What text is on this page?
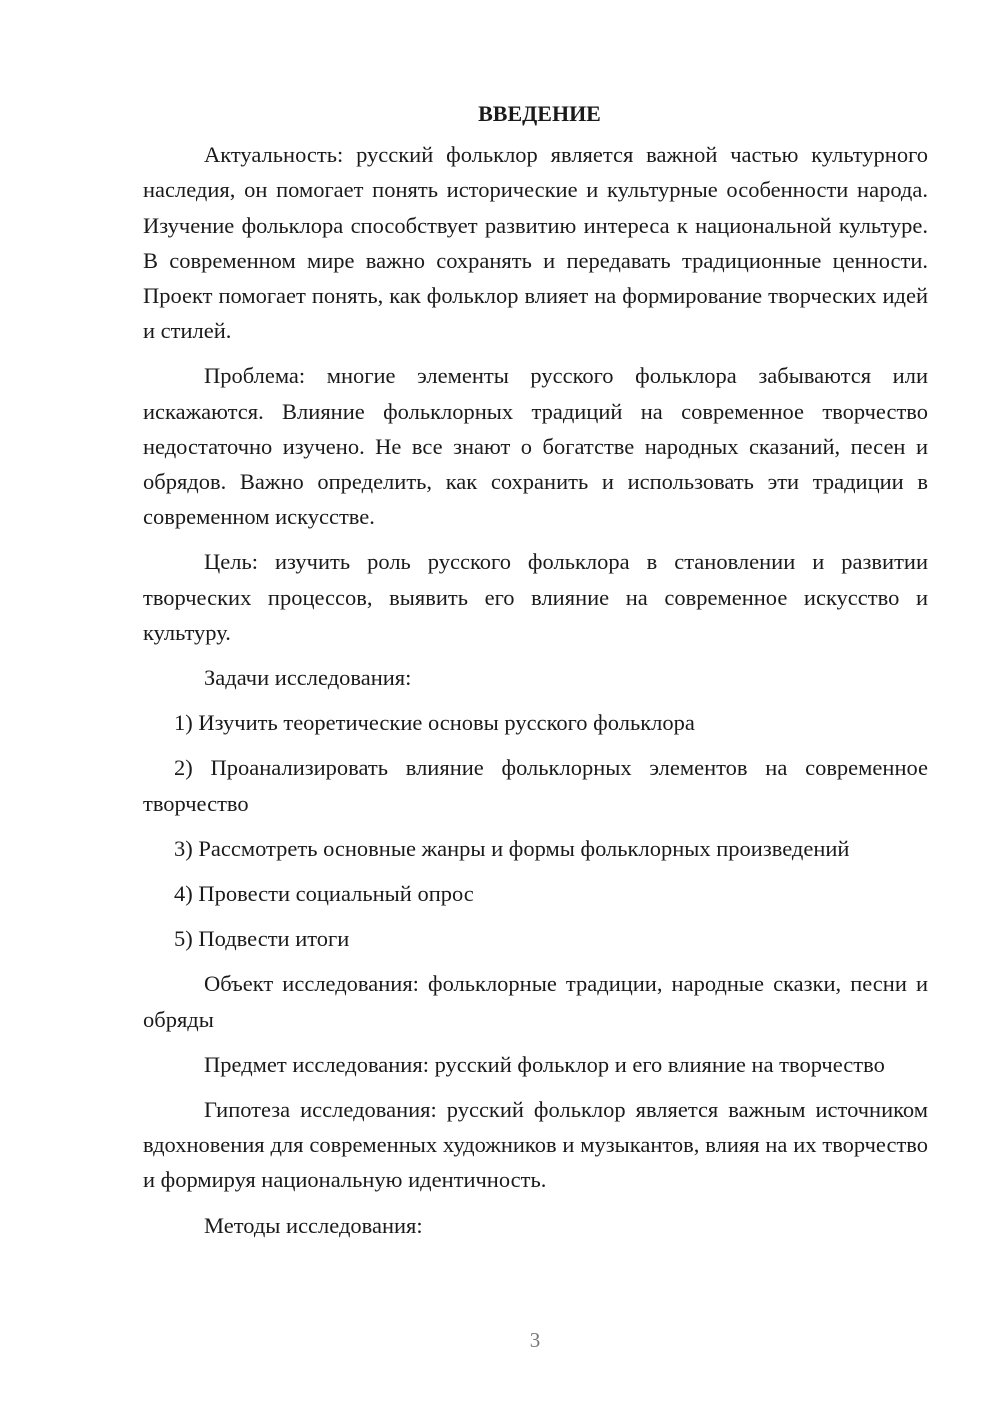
ВВЕДЕНИЕ

Актуальность: русский фольклор является важной частью культурного наследия, он помогает понять исторические и культурные особенности народа. Изучение фольклора способствует развитию интереса к национальной культуре. В современном мире важно сохранять и передавать традиционные ценности. Проект помогает понять, как фольклор влияет на формирование творческих идей и стилей.

Проблема: многие элементы русского фольклора забываются или искажаются. Влияние фольклорных традиций на современное творчество недостаточно изучено. Не все знают о богатстве народных сказаний, песен и обрядов. Важно определить, как сохранить и использовать эти традиции в современном искусстве.

Цель: изучить роль русского фольклора в становлении и развитии творческих процессов, выявить его влияние на современное искусство и культуру.

Задачи исследования:

1) Изучить теоретические основы русского фольклора

2) Проанализировать влияние фольклорных элементов на современное творчество

3) Рассмотреть основные жанры и формы фольклорных произведений

4) Провести социальный опрос

5) Подвести итоги

Объект исследования: фольклорные традиции, народные сказки, песни и обряды

Предмет исследования: русский фольклор и его влияние на творчество

Гипотеза исследования: русский фольклор является важным источником вдохновения для современных художников и музыкантов, влияя на их творчество и формируя национальную идентичность.

Методы исследования:

3
